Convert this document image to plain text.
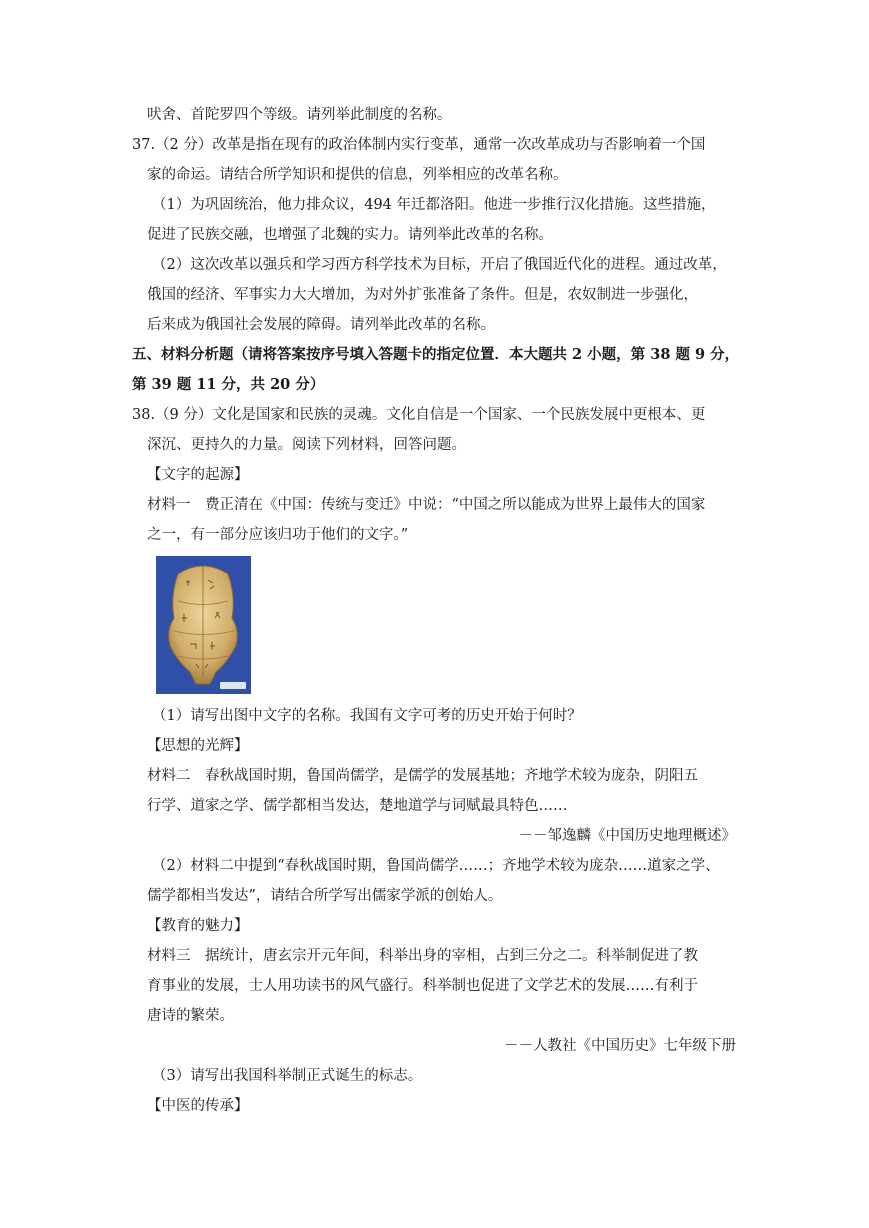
吠舍、首陀罗四个等级。请列举此制度的名称。
37.（2 分）改革是指在现有的政治体制内实行变革，通常一次改革成功与否影响着一个国
家的命运。请结合所学知识和提供的信息，列举相应的改革名称。
（1）为巩固统治，他力排众议，494 年迁都洛阳。他进一步推行汉化措施。这些措施，
促进了民族交融，也增强了北魏的实力。请列举此改革的名称。
（2）这次改革以强兵和学习西方科学技术为目标，开启了俄国近代化的进程。通过改革，
俄国的经济、军事实力大大增加，为对外扩张准备了条件。但是，农奴制进一步强化，
后来成为俄国社会发展的障碍。请列举此改革的名称。
五、材料分析题（请将答案按序号填入答题卡的指定位置．本大题共 2 小题，第 38 题 9 分，
第 39 题 11 分，共 20 分）
38.（9 分）文化是国家和民族的灵魂。文化自信是一个国家、一个民族发展中更根本、更
深沉、更持久的力量。阅读下列材料，回答问题。
【文字的起源】
材料一　费正清在《中国：传统与变迁》中说：“中国之所以能成为世界上最伟大的国家
之一，有一部分应该归功于他们的文字。”
（1）请写出图中文字的名称。我国有文字可考的历史开始于何时？
【思想的光辉】
材料二　春秋战国时期，鲁国尚儒学，是儒学的发展基地；齐地学术较为庞杂，阴阳五
行学、道家之学、儒学都相当发达，楚地道学与词赋最具特色……
－－邹逸麟《中国历史地理概述》
（2）材料二中提到“春秋战国时期，鲁国尚儒学……；齐地学术较为庞杂……道家之学、
儒学都相当发达”，请结合所学写出儒家学派的创始人。
【教育的魅力】
材料三　据统计，唐玄宗开元年间，科举出身的宰相，占到三分之二。科举制促进了教
育事业的发展，士人用功读书的风气盛行。科举制也促进了文学艺术的发展……有利于
唐诗的繁荣。
－－人教社《中国历史》七年级下册
（3）请写出我国科举制正式诞生的标志。
【中医的传承】
